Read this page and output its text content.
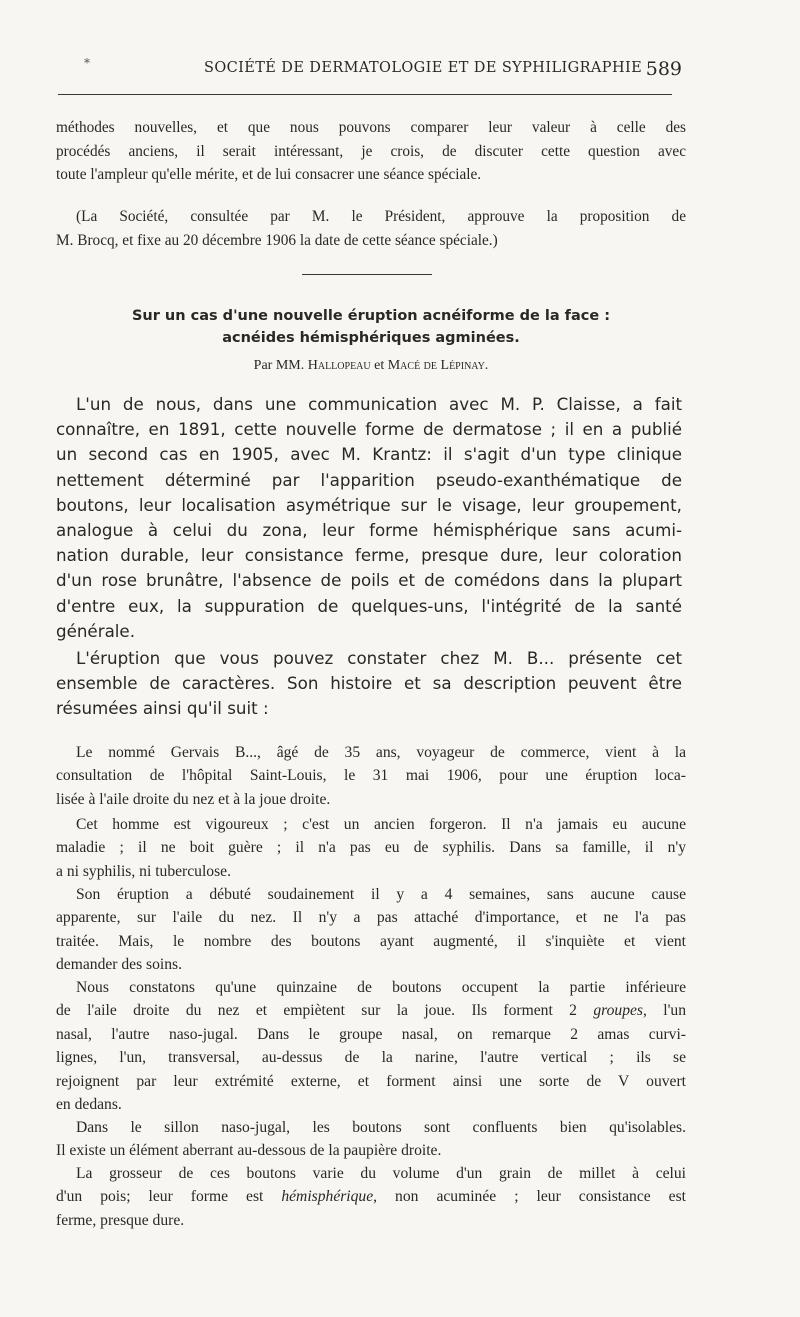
*	SOCIÉTÉ DE DERMATOLOGIE ET DE SYPHILIGRAPHIE 589

méthodes nouvelles, et que nous pouvons comparer leur valeur à celle des
procédés anciens, il serait intéressant, je crois, de discuter cette question avec
toute l'ampleur qu'elle mérite, et de lui consacrer une séance spéciale.

(La Société, consultée par M. le Président, approuve la proposition de
M. Brocq, et fixe au 20 décembre 1906 la date de cette séance spéciale.)

Sur un cas d'une nouvelle éruption acnéiforme de la face :
acnéides hémisphériques agminées.

Par MM. Hallopeau et Macé de Lépinay.

L'un de nous, dans une communication avec M. P. Claisse, a fait
connaître, en 1891, cette nouvelle forme de dermatose ; il en a publié
un second cas en 1905, avec M. Krantz: il s'agit d'un type clinique
nettement déterminé par l'apparition pseudo-exanthématique de
boutons, leur localisation asymétrique sur le visage, leur groupement,
analogue à celui du zona, leur forme hémisphérique sans acumi-
nation durable, leur consistance ferme, presque dure, leur coloration
d'un rose brunâtre, l'absence de poils et de comédons dans la plupart
d'entre eux, la suppuration de quelques-uns, l'intégrité de la santé
générale.

L'éruption que vous pouvez constater chez M. B... présente cet
ensemble de caractères. Son histoire et sa description peuvent être
résumées ainsi qu'il suit :

Le nommé Gervais B..., âgé de 35 ans, voyageur de commerce, vient à la
consultation de l'hôpital Saint-Louis, le 31 mai 1906, pour une éruption loca-
lisée à l'aile droite du nez et à la joue droite.

Cet homme est vigoureux ; c'est un ancien forgeron. Il n'a jamais eu aucune
maladie ; il ne boit guère ; il n'a pas eu de syphilis. Dans sa famille, il n'y
a ni syphilis, ni tuberculose.

Son éruption a débuté soudainement il y a 4 semaines, sans aucune cause
apparente, sur l'aile du nez. Il n'y a pas attaché d'importance, et ne l'a pas
traitée. Mais, le nombre des boutons ayant augmenté, il s'inquiète et vient
demander des soins.

Nous constatons qu'une quinzaine de boutons occupent la partie inférieure
de l'aile droite du nez et empiètent sur la joue. Ils forment 2 groupes, l'un
nasal, l'autre naso-jugal. Dans le groupe nasal, on remarque 2 amas curvi-
lignes, l'un, transversal, au-dessus de la narine, l'autre vertical ; ils se
rejoignent par leur extrémité externe, et forment ainsi une sorte de V ouvert
en dedans.

Dans le sillon naso-jugal, les boutons sont confluents bien qu'isolables.
Il existe un élément aberrant au-dessous de la paupière droite.

La grosseur de ces boutons varie du volume d'un grain de millet à celui
d'un pois; leur forme est hémisphérique, non acuminée ; leur consistance est
ferme, presque dure.
